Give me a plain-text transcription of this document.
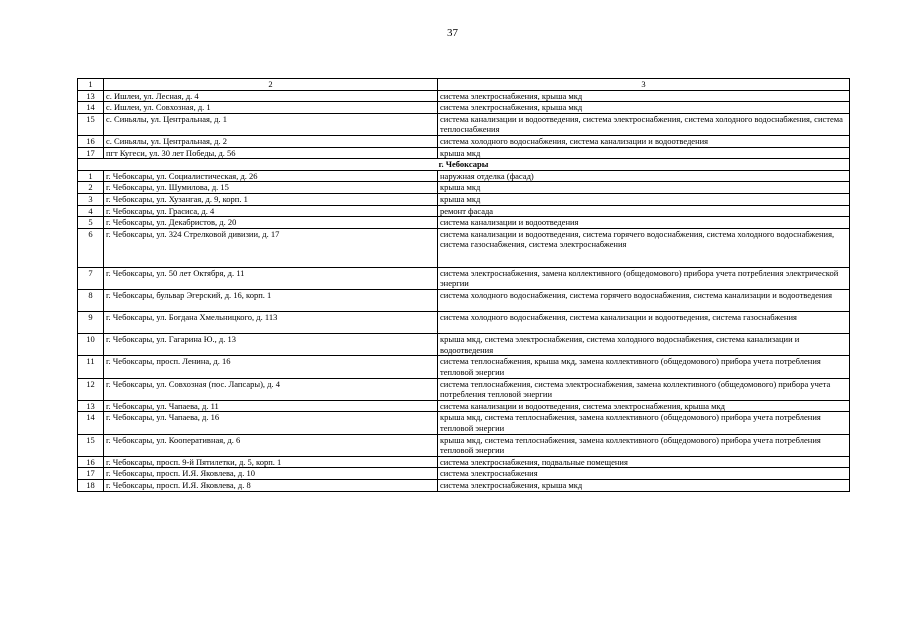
37
1	2	3
13	с. Ишлеи, ул. Лесная, д. 4	система электроснабжения, крыша мкд
14	с. Ишлеи, ул. Совхозная, д. 1	система электроснабжения, крыша мкд
15	с. Синьялы, ул. Центральная, д. 1	система канализации и водоотведения, система электроснабжения, система холодного водоснабжения, система теплоснабжения
16	с. Синьялы, ул. Центральная, д. 2	система холодного водоснабжения, система канализации и водоотведения
17	пгт Кугеси, ул. 30 лет Победы, д. 56	крыша мкд
г. Чебоксары		
1	г. Чебоксары, ул. Социалистическая, д. 26	наружная отделка (фасад)
2	г. Чебоксары, ул. Шумилова, д. 15	крыша мкд
3	г. Чебоксары, ул. Хузангая, д. 9, корп. 1	крыша мкд
4	г. Чебоксары, ул. Грасиса, д. 4	ремонт фасада
5	г. Чебоксары, ул. Декабристов, д. 20	система канализации и водоотведения
6	г. Чебоксары, ул. 324 Стрелковой дивизии, д. 17	система канализации и водоотведения, система горячего водоснабжения, система холодного водоснабжения, система газоснабжения, система электроснабжения
7	г. Чебоксары, ул. 50 лет Октября, д. 11	система электроснабжения, замена коллективного (общедомового) прибора учета потребления электрической энергии
8	г. Чебоксары, бульвар Эгерский, д. 16, корп. 1	система холодного водоснабжения, система горячего водоснабжения, система канализации и водоотведения
9	г. Чебоксары, ул. Богдана Хмельницкого, д. 113	система холодного водоснабжения, система канализации и водоотведения, система газоснабжения
10	г. Чебоксары, ул. Гагарина Ю., д. 13	крыша мкд, система электроснабжения, система холодного водоснабжения, система канализации и водоотведения
11	г. Чебоксары, просп. Ленина, д. 16	система теплоснабжения, крыша мкд, замена коллективного (общедомового) прибора учета потребления тепловой энергии
12	г. Чебоксары, ул. Совхозная (пос. Лапсары), д. 4	система теплоснабжения, система электроснабжения, замена коллективного (общедомового) прибора учета потребления тепловой энергии
13	г. Чебоксары, ул. Чапаева, д. 11	система канализации и водоотведения, система электроснабжения, крыша мкд
14	г. Чебоксары, ул. Чапаева, д. 16	крыша мкд, система теплоснабжения, замена коллективного (общедомового) прибора учета потребления тепловой энергии
15	г. Чебоксары, ул. Кооперативная, д. 6	крыша мкд, система теплоснабжения, замена коллективного (общедомового) прибора учета потребления тепловой энергии
16	г. Чебоксары, просп. 9-й Пятилетки, д. 5, корп. 1	система электроснабжения, подвальные помещения
17	г. Чебоксары, просп. И.Я. Яковлева, д. 10	система электроснабжения
18	г. Чебоксары, просп. И.Я. Яковлева, д. 8	система электроснабжения, крыша мкд
